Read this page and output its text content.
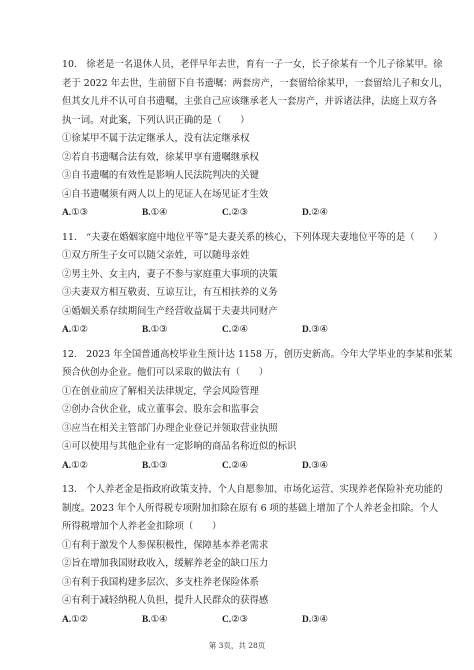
10.　徐老是一名退休人员，老伴早年去世，育有一子一女，长子徐某有一个儿子徐某甲。徐
老于 2022 年去世，生前留下自书遗嘱：两套房产，一套留给徐某甲，一套留给儿子和女儿，
但其女儿并不认可自书遗嘱，主张自己应该继承老人一套房产，并诉诸法律，法庭上双方各
执一词。对此案，下列认识正确的是（　　）
①徐某甲不属于法定继承人，没有法定继承权
②若自书遗嘱合法有效，徐某甲享有遗嘱继承权
③自书遗嘱的有效性是影响人民法院判决的关键
④自书遗嘱须有两人以上的见证人在场见证才生效
A.①③	B.①④	C.②③	D.②④
11.　“夫妻在婚姻家庭中地位平等”是夫妻关系的核心，下列体现夫妻地位平等的是（　　）
①双方所生子女可以随父亲姓，可以随母亲姓
②男主外、女主内，妻子不参与家庭重大事项的决策
③夫妻双方相互敬责、互谅互让，有互相扶养的义务
④婚姻关系存续期间生产经营收益属于夫妻共同财产
A.①②	B.①③	C.②④	D.③④
12.　2023 年全国普通高校毕业生预计达 1158 万，创历史新高。今年大学毕业的李某和张某
预合伙创办企业。他们可以采取的做法有（　　）
①在创业前应了解相关法律规定，学会风险管理
②创办合伙企业，成立董事会、股东会和监事会
③应当在相关主管部门办理企业登记并领取营业执照
④可以使用与其他企业有一定影响的商品名称近似的标识
A.①②	B.①③	C.②④	D.③④
13.　个人养老金是指政府政策支持、个人自愿参加、市场化运营、实现养老保险补充功能的
制度。2023 年个人所得税专项附加扣除在原有 6 项的基础上增加了个人养老金扣除。个人
所得税增加个人养老金扣除项（　　）
①有利于激发个人参保积极性，保障基本养老需求
②旨在增加我国财政收入，缓解养老金的缺口压力
③有利于我国构建多层次、多支柱养老保险体系
④有利于减轻纳税人负担，提升人民群众的获得感
A.①②	B.①④	C.②③	D.③④
第 3页，共 28页
